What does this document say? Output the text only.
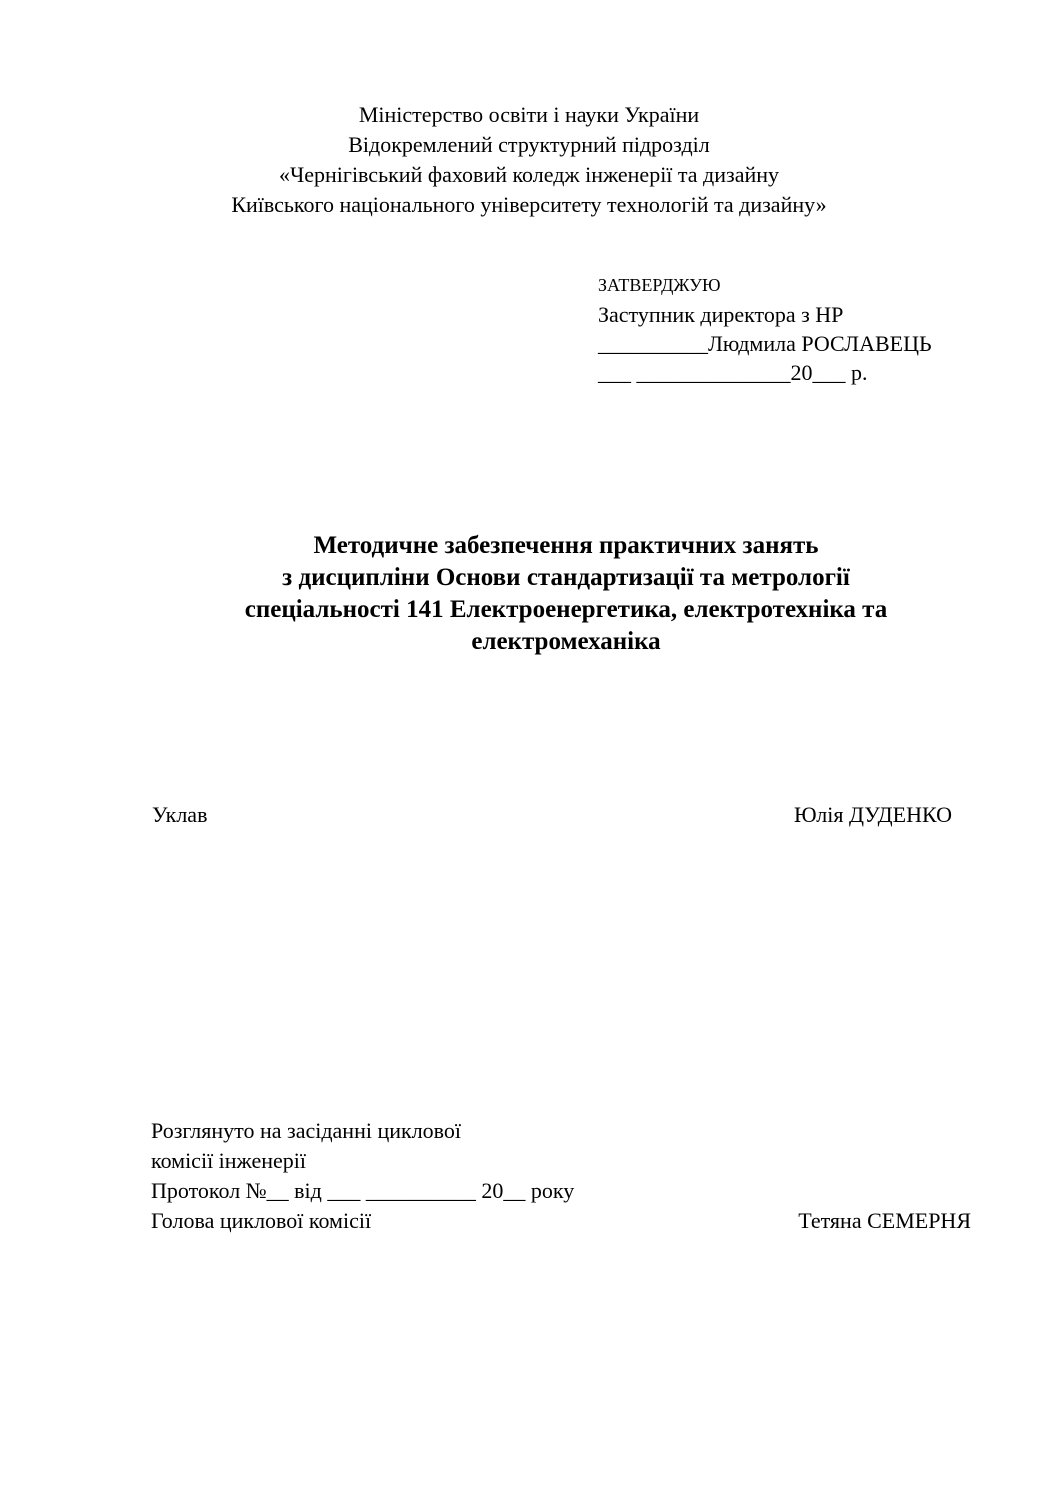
Міністерство освіти і науки України
Відокремлений структурний підрозділ
«Чернігівський фаховий коледж інженерії та дизайну
Київського національного університету технологій та дизайну»
ЗАТВЕРДЖУЮ
Заступник директора з НР
__________Людмила РОСЛАВЕЦЬ
___ ______________20___ р.
Методичне забезпечення практичних занять
з дисципліни Основи стандартизації та метрології
спеціальності 141 Електроенергетика, електротехніка та
електромеханіка
Уклав	Юлія ДУДЕНКО
Розглянуто на засіданні циклової
комісії інженерії
Протокол №__ від ___ __________ 20__ року
Голова циклової комісії	Тетяна СЕМЕРНЯ
